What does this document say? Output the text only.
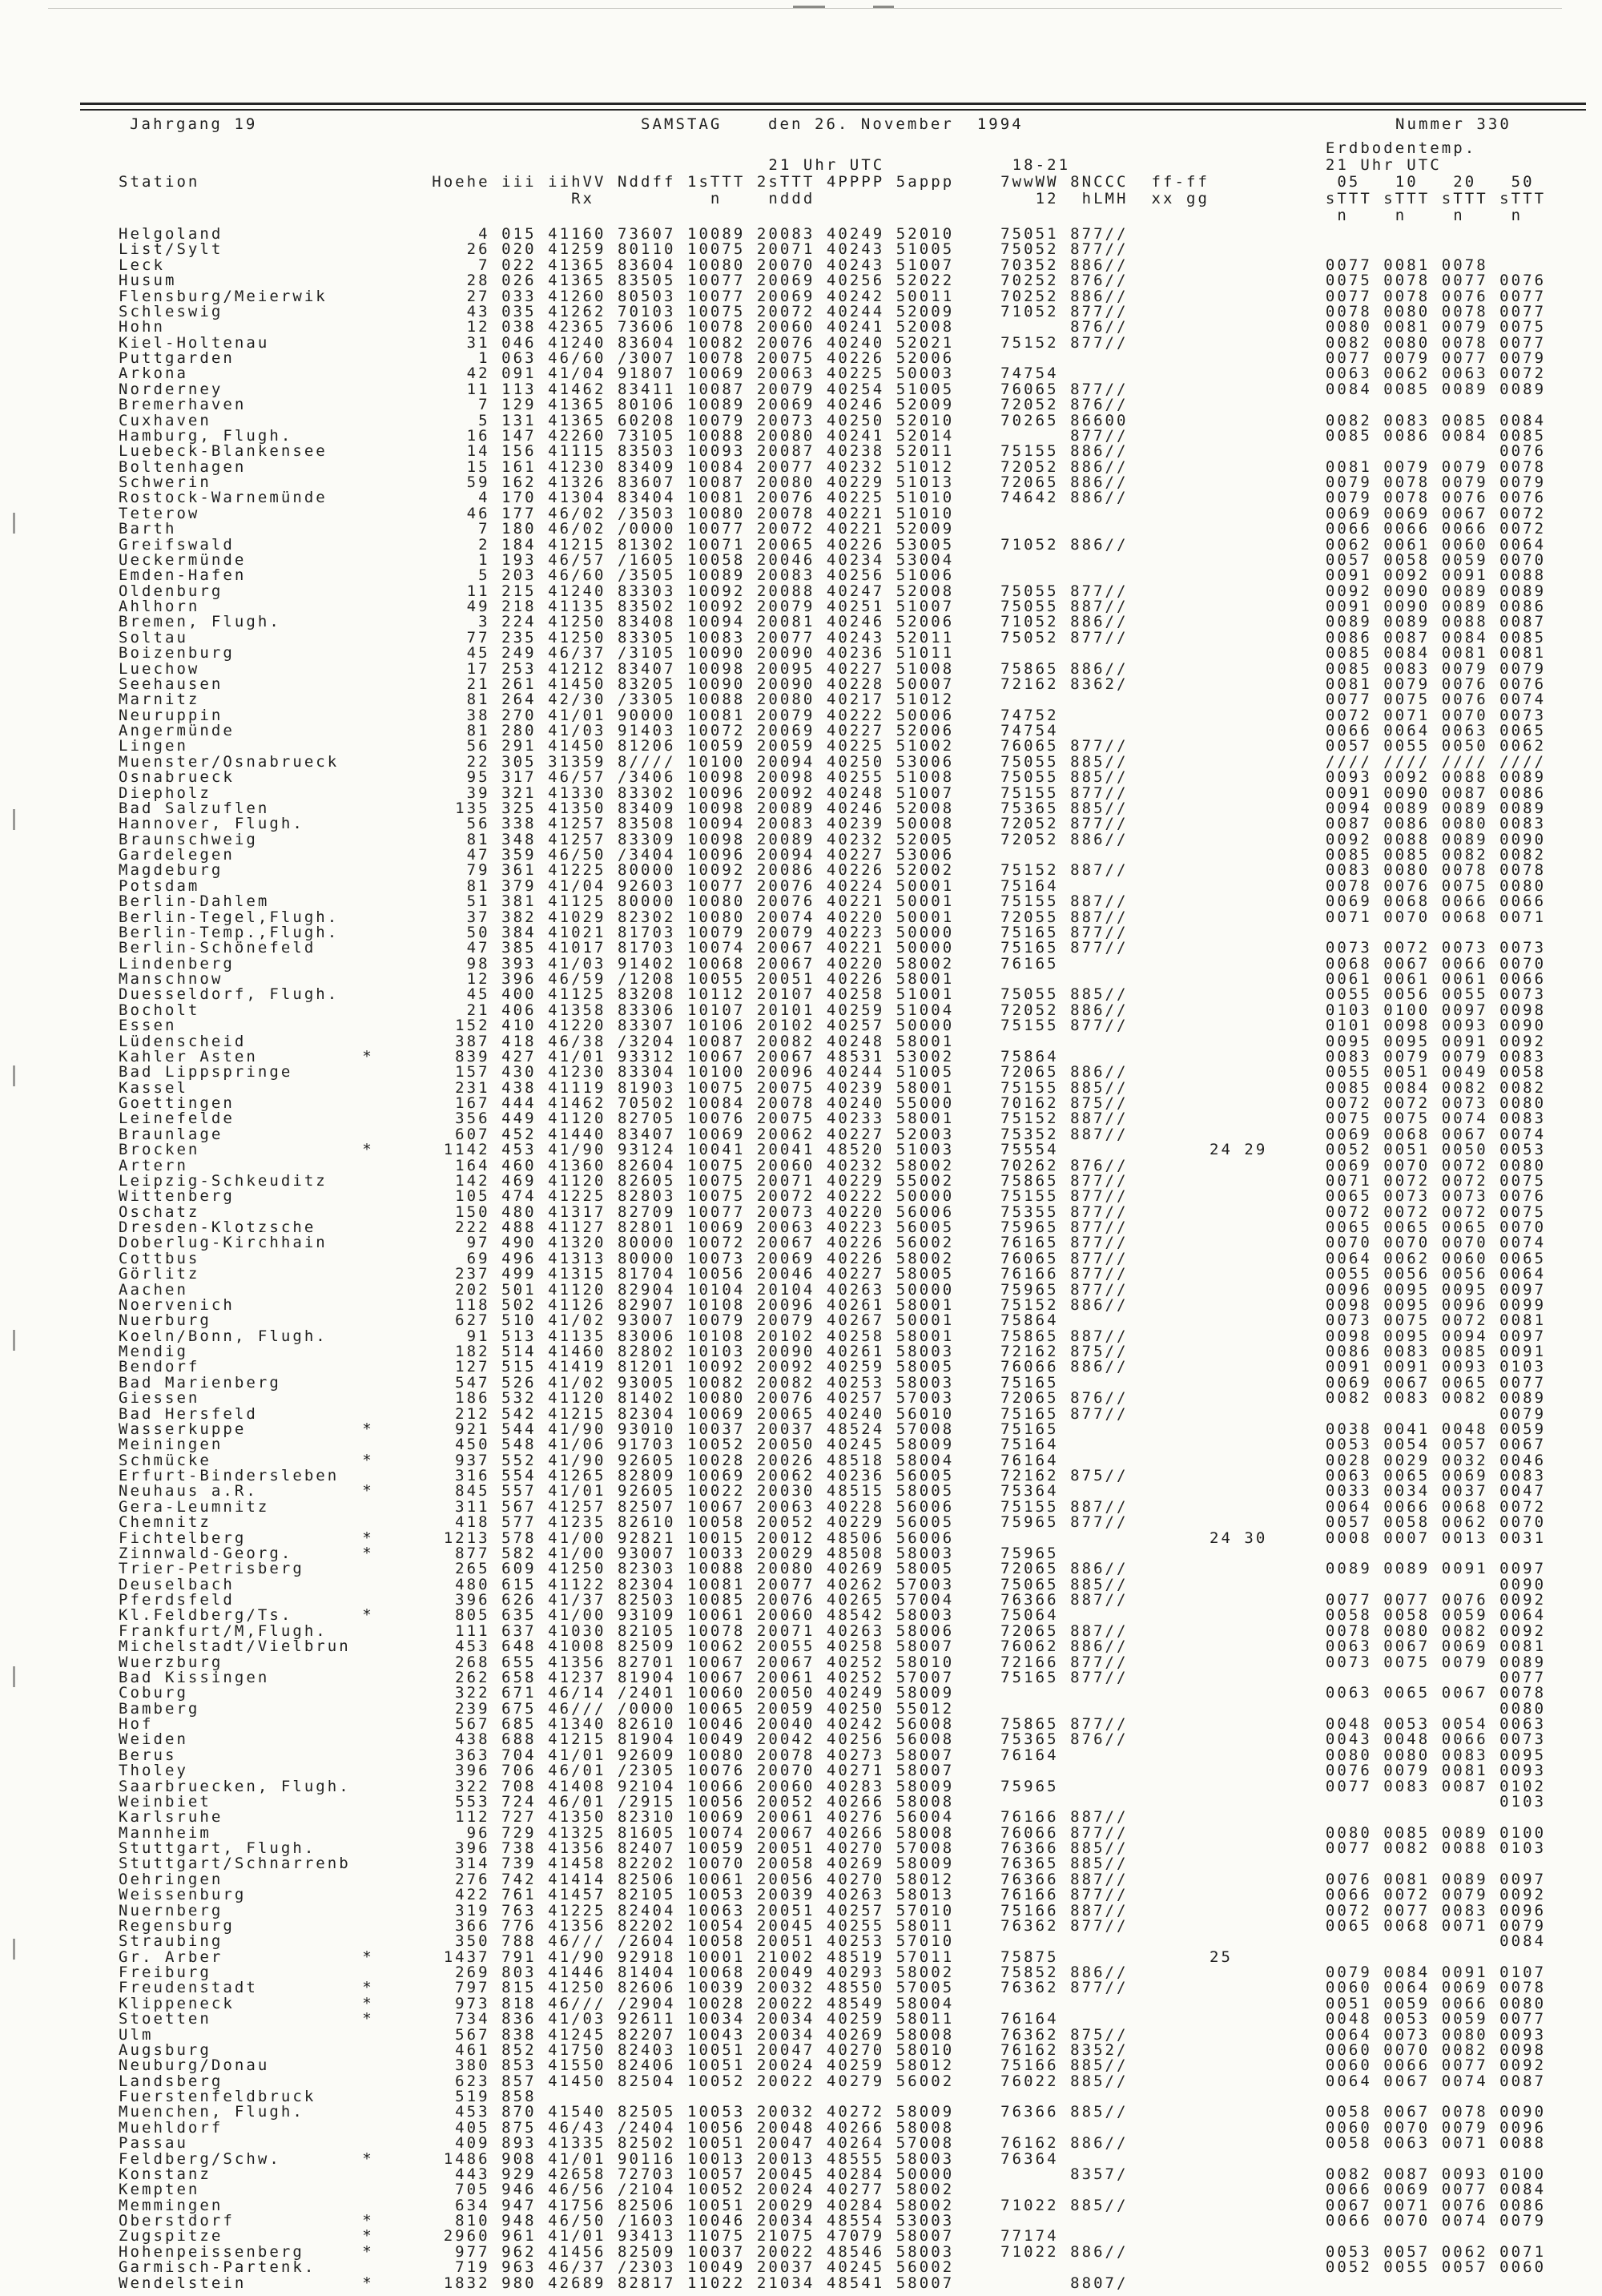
Jahrgang 19

	SAMSTAG

	den 26. November  1994

	Nummer 330

Erdbodentemp.
21 Uhr UTC           18-21                      21 Uhr UTC
Station                    Hoehe iii iihVV Nddff 1sTTT 2sTTT 4PPPP 5appp    7wwWW 8NCCC  ff-ff           05   10   20   50
Rx          n    nddd                   12  hLMH  xx gg          sTTT sTTT sTTT sTTT
n    n    n    n
Helgoland                      4 015 41160 73607 10089 20083 40249 52010    75051 877//
List/Sylt                     26 020 41259 80110 10075 20071 40243 51005    75052 877//
Leck                           7 022 41365 83604 10080 20070 40243 51007    70352 886//                 0077 0081 0078
Husum                         28 026 41365 83505 10077 20069 40256 52022    70252 876//                 0075 0078 0077 0076
Flensburg/Meierwik            27 033 41260 80503 10077 20069 40242 50011    70252 886//                 0077 0078 0076 0077
Schleswig                     43 035 41262 70103 10075 20072 40244 52009    71052 877//                 0078 0080 0078 0077
Hohn                          12 038 42365 73606 10078 20060 40241 52008          876//                 0080 0081 0079 0075
Kiel-Holtenau                 31 046 41240 83604 10082 20076 40240 52021    75152 877//                 0082 0080 0078 0077
Puttgarden                     1 063 46/60 /3007 10078 20075 40226 52006                                0077 0079 0077 0079
Arkona                        42 091 41/04 91807 10069 20063 40225 50003    74754                       0063 0062 0063 0072
Norderney                     11 113 41462 83411 10087 20079 40254 51005    76065 877//                 0084 0085 0089 0089
Bremerhaven                    7 129 41365 80106 10089 20069 40246 52009    72052 876//
Cuxhaven                       5 131 41365 60208 10079 20073 40250 52010    70265 86600                 0082 0083 0085 0084
Hamburg, Flugh.               16 147 42260 73105 10088 20080 40241 52014          877//                 0085 0086 0084 0085
Luebeck-Blankensee            14 156 41115 83503 10093 20087 40238 52011    75155 886//                                0076
Boltenhagen                   15 161 41230 83409 10084 20077 40232 51012    72052 886//                 0081 0079 0079 0078
Schwerin                      59 162 41326 83607 10087 20080 40229 51013    72065 886//                 0079 0078 0079 0079
Rostock-Warnemünde             4 170 41304 83404 10081 20076 40225 51010    74642 886//                 0079 0078 0076 0076
Teterow                       46 177 46/02 /3503 10080 20078 40221 51010                                0069 0069 0067 0072
Barth                          7 180 46/02 /0000 10077 20072 40221 52009                                0066 0066 0066 0072
Greifswald                     2 184 41215 81302 10071 20065 40226 53005    71052 886//                 0062 0061 0060 0064
Ueckermünde                    1 193 46/57 /1605 10058 20046 40234 53004                                0057 0058 0059 0070
Emden-Hafen                    5 203 46/60 /3505 10089 20083 40256 51006                                0091 0092 0091 0088
Oldenburg                     11 215 41240 83303 10092 20088 40247 52008    75055 877//                 0092 0090 0089 0089
Ahlhorn                       49 218 41135 83502 10092 20079 40251 51007    75055 887//                 0091 0090 0089 0086
Bremen, Flugh.                 3 224 41250 83408 10094 20081 40246 52006    71052 886//                 0089 0089 0088 0087
Soltau                        77 235 41250 83305 10083 20077 40243 52011    75052 877//                 0086 0087 0084 0085
Boizenburg                    45 249 46/37 /3105 10090 20090 40236 51011                                0085 0084 0081 0081
Luechow                       17 253 41212 83407 10098 20095 40227 51008    75865 886//                 0085 0083 0079 0079
Seehausen                     21 261 41450 83205 10090 20090 40228 50007    72162 8362/                 0081 0079 0076 0076
Marnitz                       81 264 42/30 /3305 10088 20080 40217 51012                                0077 0075 0076 0074
Neuruppin                     38 270 41/01 90000 10081 20079 40222 50006    74752                       0072 0071 0070 0073
Angermünde                    81 280 41/03 91403 10072 20069 40227 52006    74754                       0066 0064 0063 0065
Lingen                        56 291 41450 81206 10059 20059 40225 51002    76065 877//                 0057 0055 0050 0062
Muenster/Osnabrueck           22 305 31359 8//// 10100 20094 40250 53006    75055 885//                 //// //// //// ////
Osnabrueck                    95 317 46/57 /3406 10098 20098 40255 51008    75055 885//                 0093 0092 0088 0089
Diepholz                      39 321 41330 83302 10096 20092 40248 51007    75155 877//                 0091 0090 0087 0086
Bad Salzuflen                135 325 41350 83409 10098 20089 40246 52008    75365 885//                 0094 0089 0089 0089
Hannover, Flugh.              56 338 41257 83508 10094 20083 40239 50008    72052 877//                 0087 0086 0080 0083
Braunschweig                  81 348 41257 83309 10098 20089 40232 52005    72052 886//                 0092 0088 0089 0090
Gardelegen                    47 359 46/50 /3404 10096 20094 40227 53006                                0085 0085 0082 0082
Magdeburg                     79 361 41225 80000 10092 20086 40226 52002    75152 887//                 0083 0080 0078 0078
Potsdam                       81 379 41/04 92603 10077 20076 40224 50001    75164                       0078 0076 0075 0080
Berlin-Dahlem                 51 381 41125 80000 10080 20076 40221 50001    75155 887//                 0069 0068 0066 0066
Berlin-Tegel,Flugh.           37 382 41029 82302 10080 20074 40220 50001    72055 887//                 0071 0070 0068 0071
Berlin-Temp.,Flugh.           50 384 41021 81703 10079 20079 40223 50000    75165 877//
Berlin-Schönefeld             47 385 41017 81703 10074 20067 40221 50000    75165 877//                 0073 0072 0073 0073
Lindenberg                    98 393 41/03 91402 10068 20067 40220 58002    76165                       0068 0067 0066 0070
Manschnow                     12 396 46/59 /1208 10055 20051 40226 58001                                0061 0061 0061 0066
Duesseldorf, Flugh.           45 400 41125 83208 10112 20107 40258 51001    75055 885//                 0055 0056 0055 0073
Bocholt                       21 406 41358 83306 10107 20101 40259 51004    72052 886//                 0103 0100 0097 0098
Essen                        152 410 41220 83307 10106 20102 40257 50000    75155 877//                 0101 0098 0093 0090
Lüdenscheid                  387 418 46/38 /3204 10087 20082 40248 58001                                0095 0095 0091 0092
Kahler Asten         *       839 427 41/01 93312 10067 20067 48531 53002    75864                       0083 0079 0079 0083
Bad Lippspringe              157 430 41230 83304 10100 20096 40244 51005    72065 886//                 0055 0051 0049 0058
Kassel                       231 438 41119 81903 10075 20075 40239 58001    75155 885//                 0085 0084 0082 0082
Goettingen                   167 444 41462 70502 10084 20078 40240 55000    70162 875//                 0072 0072 0073 0080
Leinefelde                   356 449 41120 82705 10076 20075 40233 58001    75152 887//                 0075 0075 0074 0083
Braunlage                    607 452 41440 83407 10069 20062 40227 52003    75352 887//                 0069 0068 0067 0074
Brocken              *      1142 453 41/90 93124 10041 20041 48520 51003    75554             24 29     0052 0051 0050 0053
Artern                       164 460 41360 82604 10075 20060 40232 58002    70262 876//                 0069 0070 0072 0080
Leipzig-Schkeuditz           142 469 41120 82605 10075 20071 40229 55002    75865 877//                 0071 0072 0072 0075
Wittenberg                   105 474 41225 82803 10075 20072 40222 50000    75155 877//                 0065 0073 0073 0076
Oschatz                      150 480 41317 82709 10077 20073 40220 56006    75355 877//                 0072 0072 0072 0075
Dresden-Klotzsche            222 488 41127 82801 10069 20063 40223 56005    75965 877//                 0065 0065 0065 0070
Doberlug-Kirchhain            97 490 41320 80000 10072 20067 40226 56002    76165 877//                 0070 0070 0070 0074
Cottbus                       69 496 41313 80000 10073 20069 40226 58002    76065 877//                 0064 0062 0060 0065
Görlitz                      237 499 41315 81704 10056 20046 40227 58005    76166 877//                 0055 0056 0056 0064
Aachen                       202 501 41120 82904 10104 20104 40263 50000    75965 877//                 0096 0095 0095 0097
Noervenich                   118 502 41126 82907 10108 20096 40261 58001    75152 886//                 0098 0095 0096 0099
Nuerburg                     627 510 41/02 93007 10079 20079 40267 50001    75864                       0073 0075 0072 0081
Koeln/Bonn, Flugh.            91 513 41135 83006 10108 20102 40258 58001    75865 887//                 0098 0095 0094 0097
Mendig                       182 514 41460 82802 10103 20090 40261 58003    72162 875//                 0086 0083 0085 0091
Bendorf                      127 515 41419 81201 10092 20092 40259 58005    76066 886//                 0091 0091 0093 0103
Bad Marienberg               547 526 41/02 93005 10082 20082 40253 58003    75165                       0069 0067 0065 0077
Giessen                      186 532 41120 81402 10080 20076 40257 57003    72065 876//                 0082 0083 0082 0089
Bad Hersfeld                 212 542 41215 82304 10069 20065 40240 56010    75165 877//                                0079
Wasserkuppe          *       921 544 41/90 93010 10037 20037 48524 57008    75165                       0038 0041 0048 0059
Meiningen                    450 548 41/06 91703 10052 20050 40245 58009    75164                       0053 0054 0057 0067
Schmücke             *       937 552 41/90 92605 10028 20026 48518 58004    76164                       0028 0029 0032 0046
Erfurt-Bindersleben          316 554 41265 82809 10069 20062 40236 56005    72162 875//                 0063 0065 0069 0083
Neuhaus a.R.         *       845 557 41/01 92605 10022 20030 48515 58005    75364                       0033 0034 0037 0047
Gera-Leumnitz                311 567 41257 82507 10067 20063 40228 56006    75155 887//                 0064 0066 0068 0072
Chemnitz                     418 577 41235 82610 10058 20052 40229 56005    75965 877//                 0057 0058 0062 0070
Fichtelberg          *      1213 578 41/00 92821 10015 20012 48506 56006                      24 30     0008 0007 0013 0031
Zinnwald-Georg.      *       877 582 41/00 93007 10033 20029 48508 58003    75965
Trier-Petrisberg             265 609 41250 82303 10088 20080 40269 58005    72065 886//                 0089 0089 0091 0097
Deuselbach                   480 615 41122 82304 10081 20077 40262 57003    75065 885//                                0090
Pferdsfeld                   396 626 41/37 82503 10085 20076 40265 57004    76366 887//                 0077 0077 0076 0092
Kl.Feldberg/Ts.      *       805 635 41/00 93109 10061 20060 48542 58003    75064                       0058 0058 0059 0064
Frankfurt/M,Flugh.           111 637 41030 82105 10078 20071 40263 58006    72065 887//                 0078 0080 0082 0092
Michelstadt/Vielbrun         453 648 41008 82509 10062 20055 40258 58007    76062 886//                 0063 0067 0069 0081
Wuerzburg                    268 655 41356 82701 10067 20067 40252 58010    72166 877//                 0073 0075 0079 0089
Bad Kissingen                262 658 41237 81904 10067 20061 40252 57007    75165 877//                                0077
Coburg                       322 671 46/14 /2401 10060 20050 40249 58009                                0063 0065 0067 0078
Bamberg                      239 675 46/// /0000 10065 20059 40250 55012                                               0080
Hof                          567 685 41340 82610 10046 20040 40242 56008    75865 877//                 0048 0053 0054 0063
Weiden                       438 688 41215 81904 10049 20042 40256 56008    75365 876//                 0043 0048 0066 0073
Berus                        363 704 41/01 92609 10080 20078 40273 58007    76164                       0080 0080 0083 0095
Tholey                       396 706 46/01 /2305 10076 20070 40271 58007                                0076 0079 0081 0093
Saarbruecken, Flugh.         322 708 41408 92104 10066 20060 40283 58009    75965                       0077 0083 0087 0102
Weinbiet                     553 724 46/01 /2915 10056 20052 40266 58008                                               0103
Karlsruhe                    112 727 41350 82310 10069 20061 40276 56004    76166 887//
Mannheim                      96 729 41325 81605 10074 20067 40266 58008    76066 877//                 0080 0085 0089 0100
Stuttgart, Flugh.            396 738 41356 82407 10059 20051 40270 57008    76366 885//                 0077 0082 0088 0103
Stuttgart/Schnarrenb         314 739 41458 82202 10070 20058 40269 58009    76365 885//
Oehringen                    276 742 41414 82506 10061 20056 40270 58012    76366 887//                 0076 0081 0089 0097
Weissenburg                  422 761 41457 82105 10053 20039 40263 58013    76166 877//                 0066 0072 0079 0092
Nuernberg                    319 763 41225 82404 10063 20051 40257 57010    75166 887//                 0072 0077 0083 0096
Regensburg                   366 776 41356 82202 10054 20045 40255 58011    76362 877//                 0065 0068 0071 0079
Straubing                    350 788 46/// /2604 10058 20051 40253 57010                                               0084
Gr. Arber            *      1437 791 41/90 92918 10001 21002 48519 57011    75875             25
Freiburg                     269 803 41446 81404 10068 20049 40293 58002    75852 886//                 0079 0084 0091 0107
Freudenstadt         *       797 815 41250 82606 10039 20032 48550 57005    76362 877//                 0060 0064 0069 0078
Klippeneck           *       973 818 46/// /2904 10028 20022 48549 58004                                0051 0059 0066 0080
Stoetten             *       734 836 41/03 92611 10034 20034 40259 58011    76164                       0048 0053 0059 0077
Ulm                          567 838 41245 82207 10043 20034 40269 58008    76362 875//                 0064 0073 0080 0093
Augsburg                     461 852 41750 82403 10051 20047 40270 58010    76162 8352/                 0060 0070 0082 0098
Neuburg/Donau                380 853 41550 82406 10051 20024 40259 58012    75166 885//                 0060 0066 0077 0092
Landsberg                    623 857 41450 82504 10052 20022 40279 56002    76022 885//                 0064 0067 0074 0087
Fuerstenfeldbruck            519 858
Muenchen, Flugh.             453 870 41540 82505 10053 20032 40272 58009    76366 885//                 0058 0067 0078 0090
Muehldorf                    405 875 46/43 /2404 10056 20048 40266 58008                                0060 0070 0079 0096
Passau                       409 893 41335 82502 10051 20047 40264 57008    76162 886//                 0058 0063 0071 0088
Feldberg/Schw.       *      1486 908 41/01 90116 10013 20013 48555 58003    76364
Konstanz                     443 929 42658 72703 10057 20045 40284 50000          8357/                 0082 0087 0093 0100
Kempten                      705 946 46/56 /2104 10052 20024 40277 58002                                0066 0069 0077 0084
Memmingen                    634 947 41756 82506 10051 20029 40284 58002    71022 885//                 0067 0071 0076 0086
Oberstdorf           *       810 948 46/50 /1603 10046 20034 48554 53003                                0066 0070 0074 0079
Zugspitze            *      2960 961 41/01 93413 11075 21075 47079 58007    77174
Hohenpeissenberg     *       977 962 41456 82509 10037 20022 48546 58003    71022 886//                 0053 0057 0062 0071
Garmisch-Partenk.            719 963 46/37 /2303 10049 20037 40245 56002                                0052 0055 0057 0060
Wendelstein          *      1832 980 42689 82817 11022 21034 48541 58007          8807/
